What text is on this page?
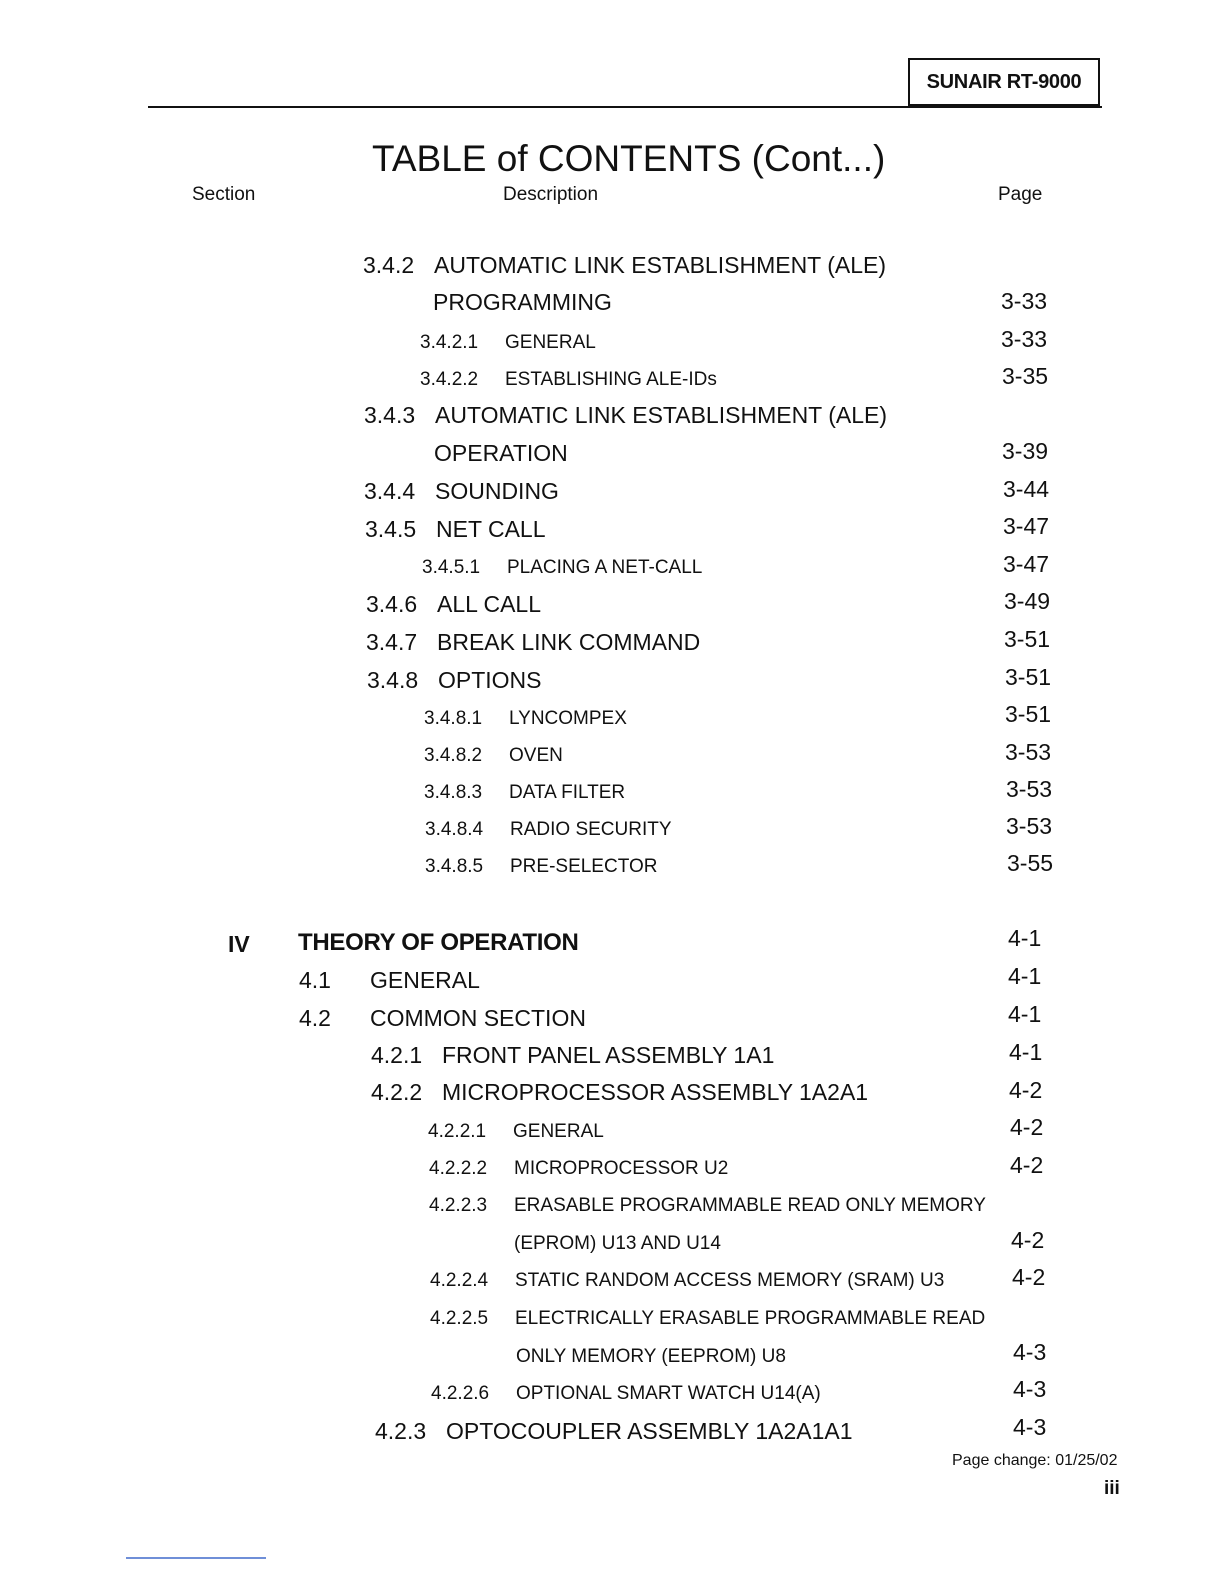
SUNAIR RT-9000
TABLE of CONTENTS (Cont...)
Section	Description	Page
3.4.2 AUTOMATIC LINK ESTABLISHMENT (ALE)
PROGRAMMING	3-33
3.4.2.1	GENERAL	3-33
3.4.2.2	ESTABLISHING ALE-IDs	3-35
3.4.3 AUTOMATIC LINK ESTABLISHMENT (ALE)
OPERATION	3-39
3.4.4 SOUNDING	3-44
3.4.5 NET CALL	3-47
3.4.5.1	PLACING A NET-CALL	3-47
3.4.6 ALL CALL	3-49
3.4.7 BREAK LINK COMMAND	3-51
3.4.8 OPTIONS	3-51
3.4.8.1	LYNCOMPEX	3-51
3.4.8.2	OVEN	3-53
3.4.8.3	DATA FILTER	3-53
3.4.8.4	RADIO SECURITY	3-53
3.4.8.5	PRE-SELECTOR	3-55
IV THEORY OF OPERATION	4-1
4.1	GENERAL	4-1
4.2	COMMON SECTION	4-1
4.2.1 FRONT PANEL ASSEMBLY 1A1	4-1
4.2.2 MICROPROCESSOR ASSEMBLY 1A2A1	4-2
4.2.2.1	GENERAL	4-2
4.2.2.2	MICROPROCESSOR U2	4-2
4.2.2.3	ERASABLE PROGRAMMABLE READ ONLY MEMORY
(EPROM) U13 AND U14	4-2
4.2.2.4	STATIC RANDOM ACCESS MEMORY (SRAM) U3	4-2
4.2.2.5	ELECTRICALLY ERASABLE PROGRAMMABLE READ
ONLY MEMORY (EEPROM) U8	4-3
4.2.2.6	OPTIONAL SMART WATCH U14(A)	4-3
4.2.3 OPTOCOUPLER ASSEMBLY 1A2A1A1	4-3
Page change: 01/25/02
iii
